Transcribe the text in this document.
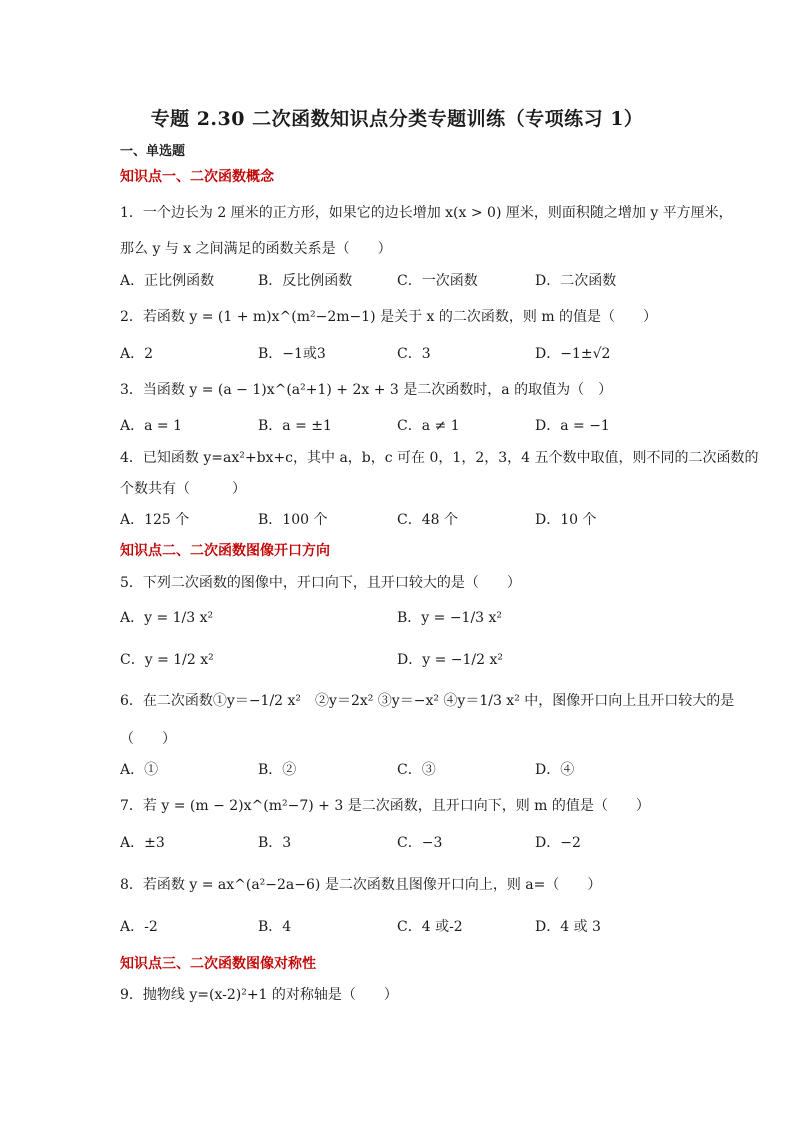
专题 2.30 二次函数知识点分类专题训练（专项练习 1）
一、单选题
知识点一、二次函数概念
1．一个边长为 2 厘米的正方形，如果它的边长增加 x(x > 0) 厘米，则面积随之增加 y 平方厘米，
那么 y 与 x 之间满足的函数关系是（　　）
A．正比例函数	B．反比例函数	C．一次函数	D．二次函数
2．若函数 y = (1 + m)x^(m²−2m−1) 是关于 x 的二次函数，则 m 的值是（　　）
A．2	B．−1或3	C．3	D．−1±√2
3．当函数 y = (a − 1)x^(a²+1) + 2x + 3 是二次函数时，a 的取值为（　）
A．a = 1	B．a = ±1	C．a ≠ 1	D．a = −1
4．已知函数 y=ax²+bx+c，其中 a，b，c 可在 0，1，2，3，4 五个数中取值，则不同的二次函数的
个数共有（　　　）
A．125 个	B．100 个	C．48 个	D．10 个
知识点二、二次函数图像开口方向
5．下列二次函数的图像中，开口向下，且开口较大的是（　　）
A．y = 1/3 x²	B．y = −1/3 x²
C．y = 1/2 x²	D．y = −1/2 x²
6．在二次函数①y＝−1/2 x²　②y＝2x² ③y＝−x² ④y＝1/3 x² 中，图像开口向上且开口较大的是
（　　）
A．①	B．②	C．③	D．④
7．若 y = (m − 2)x^(m²−7) + 3 是二次函数，且开口向下，则 m 的值是（　　）
A．±3	B．3	C．−3	D．−2
8．若函数 y = ax^(a²−2a−6) 是二次函数且图像开口向上，则 a=（　　）
A．-2	B．4	C．4 或-2	D．4 或 3
知识点三、二次函数图像对称性
9．抛物线 y=(x-2)²+1 的对称轴是（　　）
